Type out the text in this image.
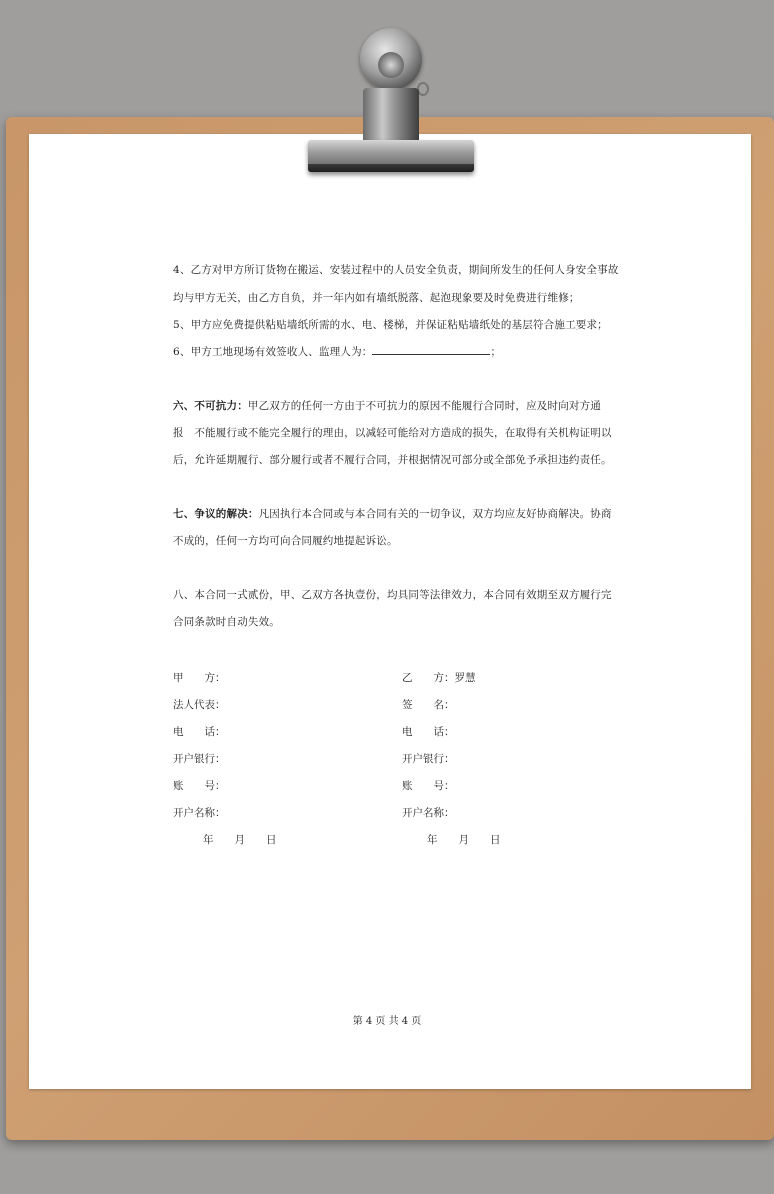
4、乙方对甲方所订货物在搬运、安装过程中的人员安全负责，期间所发生的任何人身安全事故
均与甲方无关，由乙方自负，并一年内如有墙纸脱落、起泡现象要及时免费进行维修；
5、甲方应免费提供粘贴墙纸所需的水、电、楼梯，并保证粘贴墙纸处的基层符合施工要求；
6、甲方工地现场有效签收人、监理人为：	；
六、不可抗力：甲乙双方的任何一方由于不可抗力的原因不能履行合同时，应及时向对方通
报　不能履行或不能完全履行的理由，以减轻可能给对方造成的损失，在取得有关机构证明以
后，允许延期履行、部分履行或者不履行合同，并根据情况可部分或全部免予承担违约责任。
七、争议的解决：凡因执行本合同或与本合同有关的一切争议，双方均应友好协商解决。协商
不成的，任何一方均可向合同履约地提起诉讼。
八、本合同一式贰份，甲、乙双方各执壹份，均具同等法律效力，本合同有效期至双方履行完
合同条款时自动失效。
甲　　方：
法人代表：
电　　话：
开户银行：
账　　号：
开户名称：
年　　月　　日
乙　　方：罗慧
签　　名：
电　　话：
开户银行：
账　　号：
开户名称：
年　　月　　日
第 4 页 共 4 页
